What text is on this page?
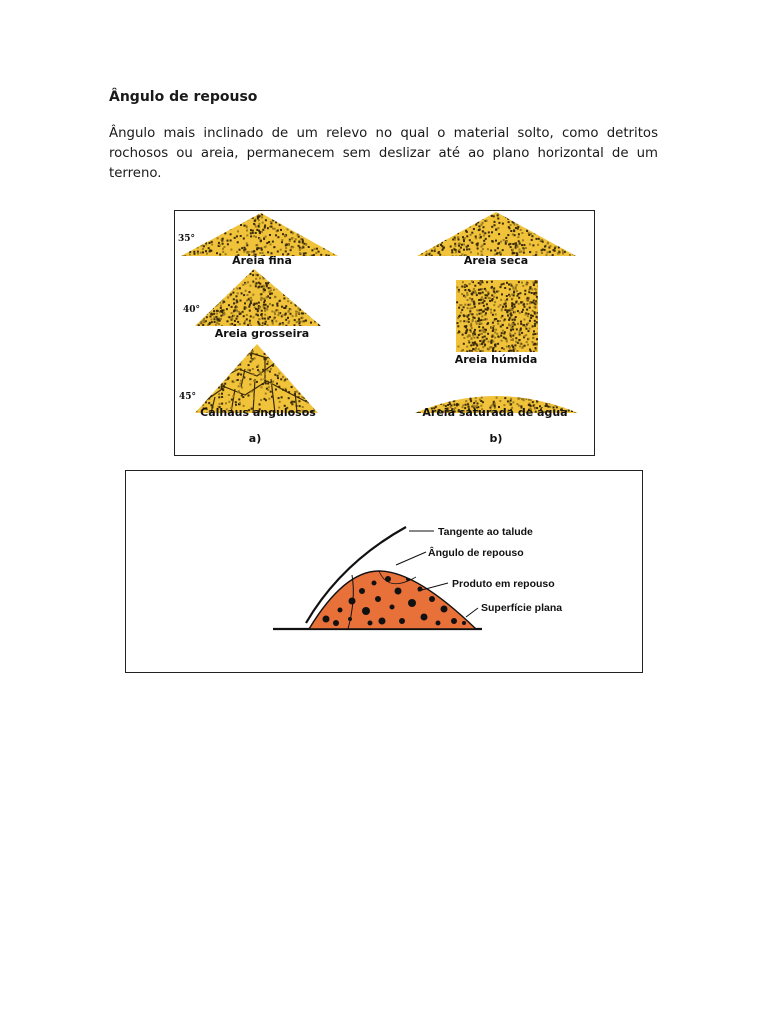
Ângulo de repouso

Ângulo mais inclinado de um relevo no qual o material solto, como detritos rochosos ou areia, permanecem sem deslizar até ao plano horizontal de um terreno.

35°
40°
45°
Areia fina
Areia grosseira
Calhaus angulosos
Areia seca
Areia húmida
Areia saturada de água
a)	b)
Tangente ao talude
Ângulo de repouso
Produto em repouso
Superfície plana
